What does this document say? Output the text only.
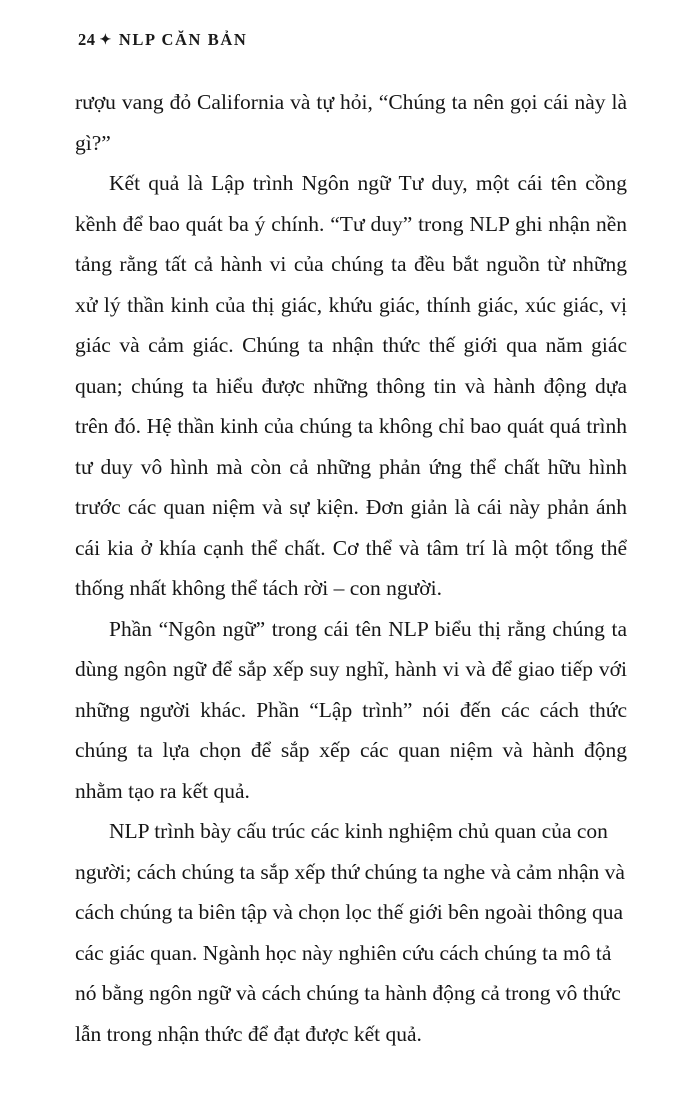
24 ✦ NLP CĂN BẢN

rượu vang đỏ California và tự hỏi, “Chúng ta nên gọi cái này là gì?”

Kết quả là Lập trình Ngôn ngữ Tư duy, một cái tên cồng kềnh để bao quát ba ý chính. “Tư duy” trong NLP ghi nhận nền tảng rằng tất cả hành vi của chúng ta đều bắt nguồn từ những xử lý thần kinh của thị giác, khứu giác, thính giác, xúc giác, vị giác và cảm giác. Chúng ta nhận thức thế giới qua năm giác quan; chúng ta hiểu được những thông tin và hành động dựa trên đó. Hệ thần kinh của chúng ta không chỉ bao quát quá trình tư duy vô hình mà còn cả những phản ứng thể chất hữu hình trước các quan niệm và sự kiện. Đơn giản là cái này phản ánh cái kia ở khía cạnh thể chất. Cơ thể và tâm trí là một tổng thể thống nhất không thể tách rời – con người.

Phần “Ngôn ngữ” trong cái tên NLP biểu thị rằng chúng ta dùng ngôn ngữ để sắp xếp suy nghĩ, hành vi và để giao tiếp với những người khác. Phần “Lập trình” nói đến các cách thức chúng ta lựa chọn để sắp xếp các quan niệm và hành động nhằm tạo ra kết quả.

NLP trình bày cấu trúc các kinh nghiệm chủ quan của con người; cách chúng ta sắp xếp thứ chúng ta nghe và cảm nhận và cách chúng ta biên tập và chọn lọc thế giới bên ngoài thông qua các giác quan. Ngành học này nghiên cứu cách chúng ta mô tả nó bằng ngôn ngữ và cách chúng ta hành động cả trong vô thức lẫn trong nhận thức để đạt được kết quả.
